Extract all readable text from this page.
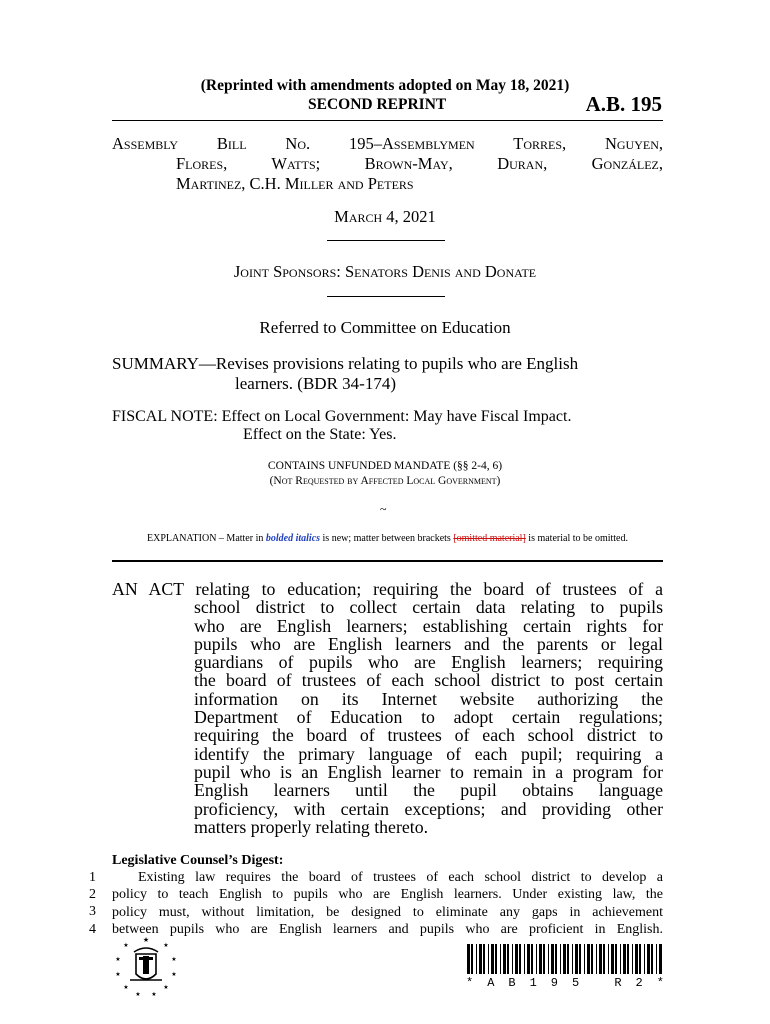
(Reprinted with amendments adopted on May 18, 2021)
SECOND REPRINT	A.B. 195
Assembly Bill No. 195–Assemblymen Torres, Nguyen,
Flores, Watts; Brown-May, Duran, González,
Martinez, C.H. Miller and Peters
March 4, 2021
Joint Sponsors: Senators Denis and Donate
Referred to Committee on Education
SUMMARY—Revises provisions relating to pupils who are English
learners. (BDR 34-174)
FISCAL NOTE: Effect on Local Government: May have Fiscal Impact.
Effect on the State: Yes.
CONTAINS UNFUNDED MANDATE (§§ 2-4, 6)
(Not Requested by Affected Local Government)
~
EXPLANATION – Matter in bolded italics is new; matter between brackets [omitted material] is material to be omitted.
AN ACT relating to education; requiring the board of trustees of a
school district to collect certain data relating to pupils
who are English learners; establishing certain rights for
pupils who are English learners and the parents or legal
guardians of pupils who are English learners; requiring
the board of trustees of each school district to post certain
information on its Internet website authorizing the
Department of Education to adopt certain regulations;
requiring the board of trustees of each school district to
identify the primary language of each pupil; requiring a
pupil who is an English learner to remain in a program for
English learners until the pupil obtains language
proficiency, with certain exceptions; and providing other
matters properly relating thereto.
1
2
3
4
Legislative Counsel’s Digest:
Existing law requires the board of trustees of each school district to develop a
policy to teach English to pupils who are English learners. Under existing law, the
policy must, without limitation, be designed to eliminate any gaps in achievement
between pupils who are English learners and pupils who are proficient in English.
★
★	★
★	★
★	★
★	★
★ ★
* A B 1 9 5
	R 2 *
